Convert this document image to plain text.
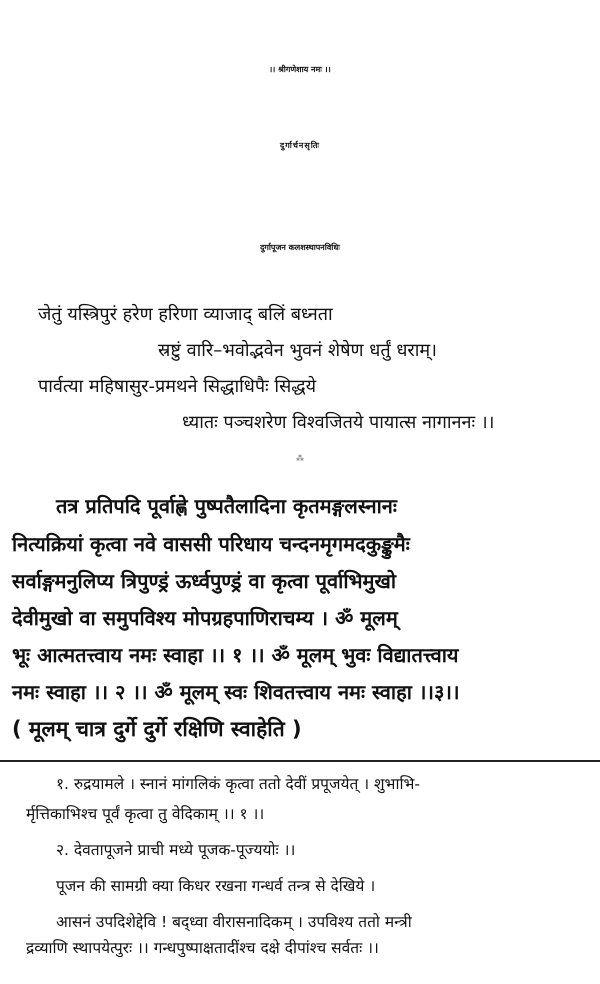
।। श्रीगणेशाय नमः ।।
दुर्गार्चनसृतिः
दुर्गापूजन कलशस्थापनविधिः
जेतुं यस्त्रिपुरं हरेण हरिणा व्याजाद् बलिं बध्नता
स्रष्टुं वारि–भवोद्भवेन भुवनं शेषेण धर्तुं धराम्।
पार्वत्या महिषासुर-प्रमथने सिद्धाधिपैः सिद्धये
ध्यातः पञ्चशरेण विश्वजितये पायात्स नागाननः ।।
⁂
तत्र प्रतिपदि पूर्वाह्णे पुष्पतैलादिना कृतमङ्गलस्नानः
नित्यक्रियां कृत्वा नवे वाससी परिधाय चन्दनमृगमदकुङ्कुमैः
सर्वाङ्गमनुलिप्य त्रिपुण्ड्रं ऊर्ध्वपुण्ड्रं वा कृत्वा पूर्वाभिमुखो
देवीमुखो वा समुपविश्य मोपग्रहपाणिराचम्य । ॐ मूलम्
भूः आत्मतत्त्वाय नमः स्वाहा ।। १ ।। ॐ मूलम् भुवः विद्यातत्त्वाय
नमः स्वाहा ।। २ ।। ॐ मूलम् स्वः शिवतत्त्वाय नमः स्वाहा ।।३।।
( मूलम् चात्र दुर्गे दुर्गे रक्षिणि स्वाहेति )
१. रुद्रयामले । स्नानं मांगलिकं कृत्वा ततो देवीं प्रपूजयेत् । शुभाभि-
र्मृत्तिकाभिश्च पूर्वं कृत्वा तु वेदिकाम् ।। १ ।।
२. देवतापूजने प्राची मध्ये पूजक-पूज्ययोः ।।
पूजन की सामग्री क्या किधर रखना गन्धर्व तन्त्र से देखिये ।
आसनं उपदिशेद्देवि ! बद्ध्वा वीरासनादिकम् । उपविश्य ततो मन्त्री
द्रव्याणि स्थापयेत्पुरः ।। गन्धपुष्पाक्षतादींश्च दक्षे दीपांश्च सर्वतः ।।
